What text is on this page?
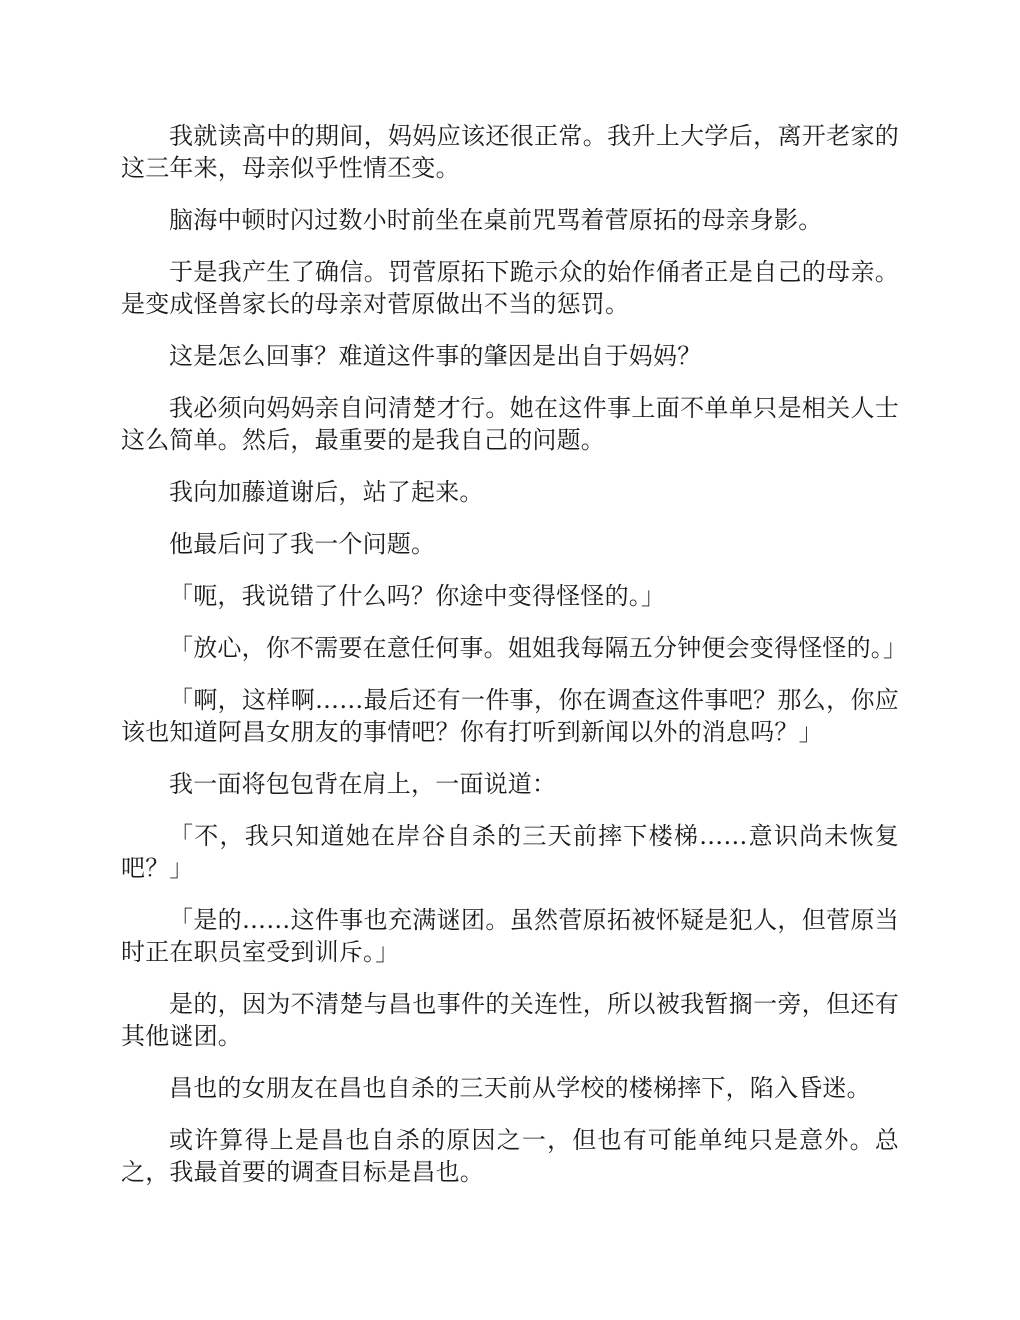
我就读高中的期间，妈妈应该还很正常。我升上大学后，离开老家的这三年来，母亲似乎性情丕变。

脑海中顿时闪过数小时前坐在桌前咒骂着菅原拓的母亲身影。

于是我产生了确信。罚菅原拓下跪示众的始作俑者正是自己的母亲。是变成怪兽家长的母亲对菅原做出不当的惩罚。

这是怎么回事？难道这件事的肇因是出自于妈妈？

我必须向妈妈亲自问清楚才行。她在这件事上面不单单只是相关人士这么简单。然后，最重要的是我自己的问题。

我向加藤道谢后，站了起来。

他最后问了我一个问题。

「呃，我说错了什么吗？你途中变得怪怪的。」

「放心，你不需要在意任何事。姐姐我每隔五分钟便会变得怪怪的。」

「啊，这样啊……最后还有一件事，你在调查这件事吧？那么，你应该也知道阿昌女朋友的事情吧？你有打听到新闻以外的消息吗？」

我一面将包包背在肩上，一面说道：

「不，我只知道她在岸谷自杀的三天前摔下楼梯……意识尚未恢复吧？」

「是的……这件事也充满谜团。虽然菅原拓被怀疑是犯人，但菅原当时正在职员室受到训斥。」

是的，因为不清楚与昌也事件的关连性，所以被我暂搁一旁，但还有其他谜团。

昌也的女朋友在昌也自杀的三天前从学校的楼梯摔下，陷入昏迷。

或许算得上是昌也自杀的原因之一，但也有可能单纯只是意外。总之，我最首要的调查目标是昌也。
